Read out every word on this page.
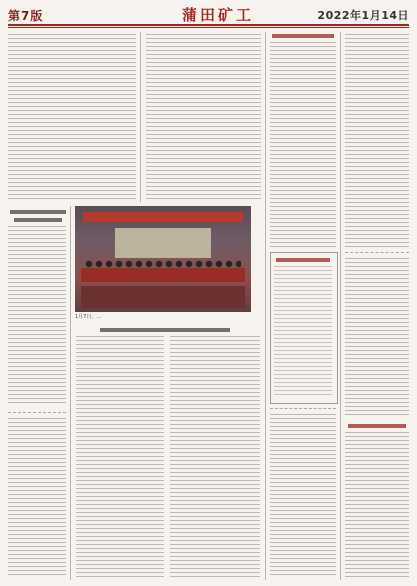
第7版	蒲田矿工	2022年1月14日
1月7日，…
